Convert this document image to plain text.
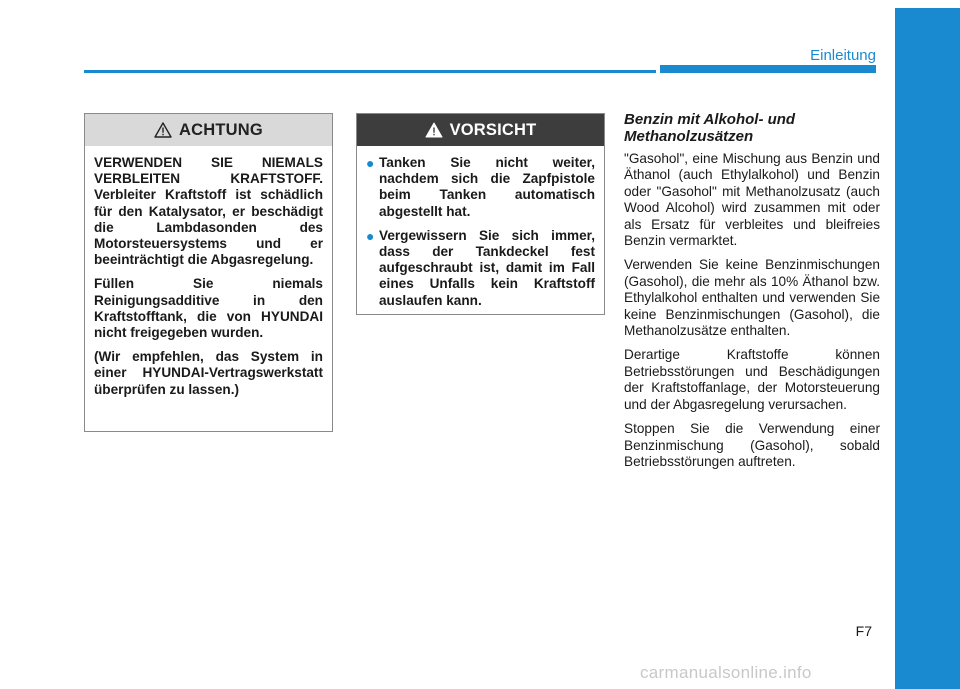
Einleitung
ACHTUNG

VERWENDEN SIE NIEMALS VERBLEITEN KRAFTSTOFF. Verbleiter Kraftstoff ist schädlich für den Katalysator, er beschädigt die Lambdasonden des Motorsteuersystems und er beeinträchtigt die Abgasregelung.

Füllen Sie niemals Reinigungsadditive in den Kraftstofftank, die von HYUNDAI nicht freigegeben wurden.

(Wir empfehlen, das System in einer HYUNDAI-Vertragswerkstatt überprüfen zu lassen.)

VORSICHT
● Tanken Sie nicht weiter, nachdem sich die Zapfpistole beim Tanken automatisch abgestellt hat.
● Vergewissern Sie sich immer, dass der Tankdeckel fest aufgeschraubt ist, damit im Fall eines Unfalls kein Kraftstoff auslaufen kann.
Benzin mit Alkohol- und Methanolzusätzen

"Gasohol", eine Mischung aus Benzin und Äthanol (auch Ethylalkohol) und Benzin oder "Gasohol" mit Methanolzusatz (auch Wood Alcohol) wird zusammen mit oder als Ersatz für verbleites und bleifreies Benzin vermarktet.

Verwenden Sie keine Benzinmischungen (Gasohol), die mehr als 10% Äthanol bzw. Ethylalkohol enthalten und verwenden Sie keine Benzinmischungen (Gasohol), die Methanolzusätze enthalten.

Derartige Kraftstoffe können Betriebsstörungen und Beschädigungen der Kraftstoffanlage, der Motorsteuerung und der Abgasregelung verursachen.

Stoppen Sie die Verwendung einer Benzinmischung (Gasohol), sobald Betriebsstörungen auftreten.

F7
carmanualsonline.info
